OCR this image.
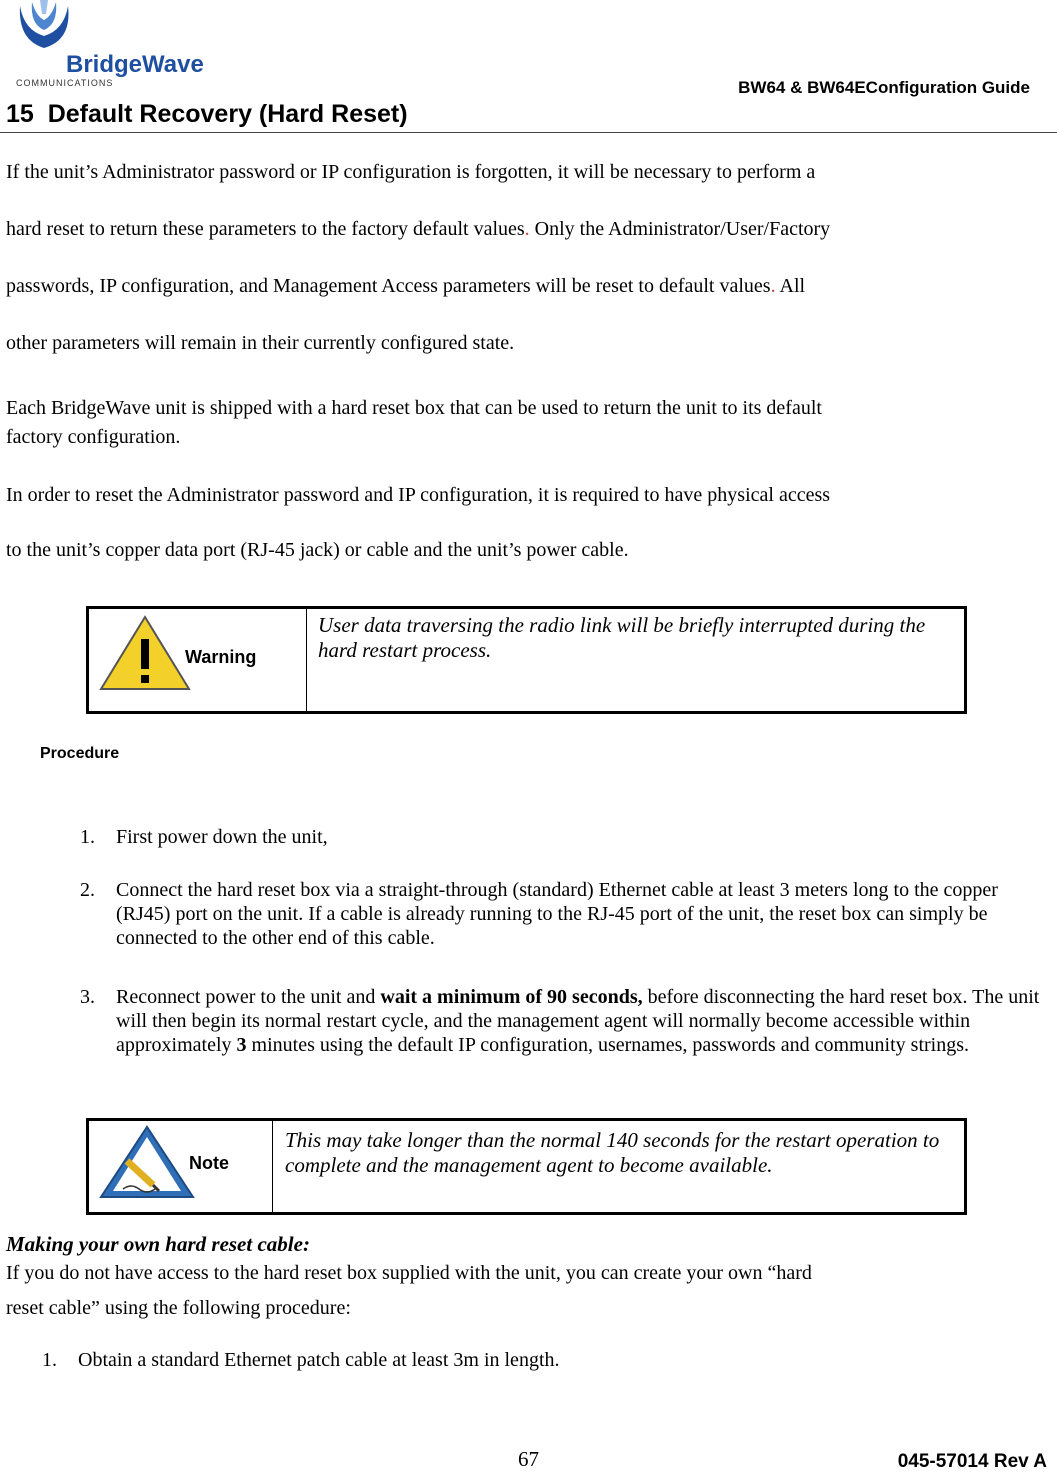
BridgeWave
COMMUNICATIONS	BW64 & BW64EConfiguration Guide
15 Default Recovery (Hard Reset)
If the unit’s Administrator password or IP configuration is forgotten, it will be necessary to perform a
hard reset to return these parameters to the factory default values. Only the Administrator/User/Factory
passwords, IP configuration, and Management Access parameters will be reset to default values. All
other parameters will remain in their currently configured state.
Each BridgeWave unit is shipped with a hard reset box that can be used to return the unit to its default
factory configuration.
In order to reset the Administrator password and IP configuration, it is required to have physical access
to the unit’s copper data port (RJ-45 jack) or cable and the unit’s power cable.
Warning
User data traversing the radio link will be briefly interrupted during the hard restart process.
Procedure
1. First power down the unit,
2. Connect the hard reset box via a straight-through (standard) Ethernet cable at least 3 meters long to the copper (RJ45) port on the unit. If a cable is already running to the RJ-45 port of the unit, the reset box can simply be connected to the other end of this cable.
3. Reconnect power to the unit and wait a minimum of 90 seconds, before disconnecting the hard reset box. The unit will then begin its normal restart cycle, and the management agent will normally become accessible within approximately 3 minutes using the default IP configuration, usernames, passwords and community strings.
Note
This may take longer than the normal 140 seconds for the restart operation to complete and the management agent to become available.
Making your own hard reset cable:
If you do not have access to the hard reset box supplied with the unit, you can create your own “hard
reset cable” using the following procedure:
1. Obtain a standard Ethernet patch cable at least 3m in length.
67	045-57014 Rev A
